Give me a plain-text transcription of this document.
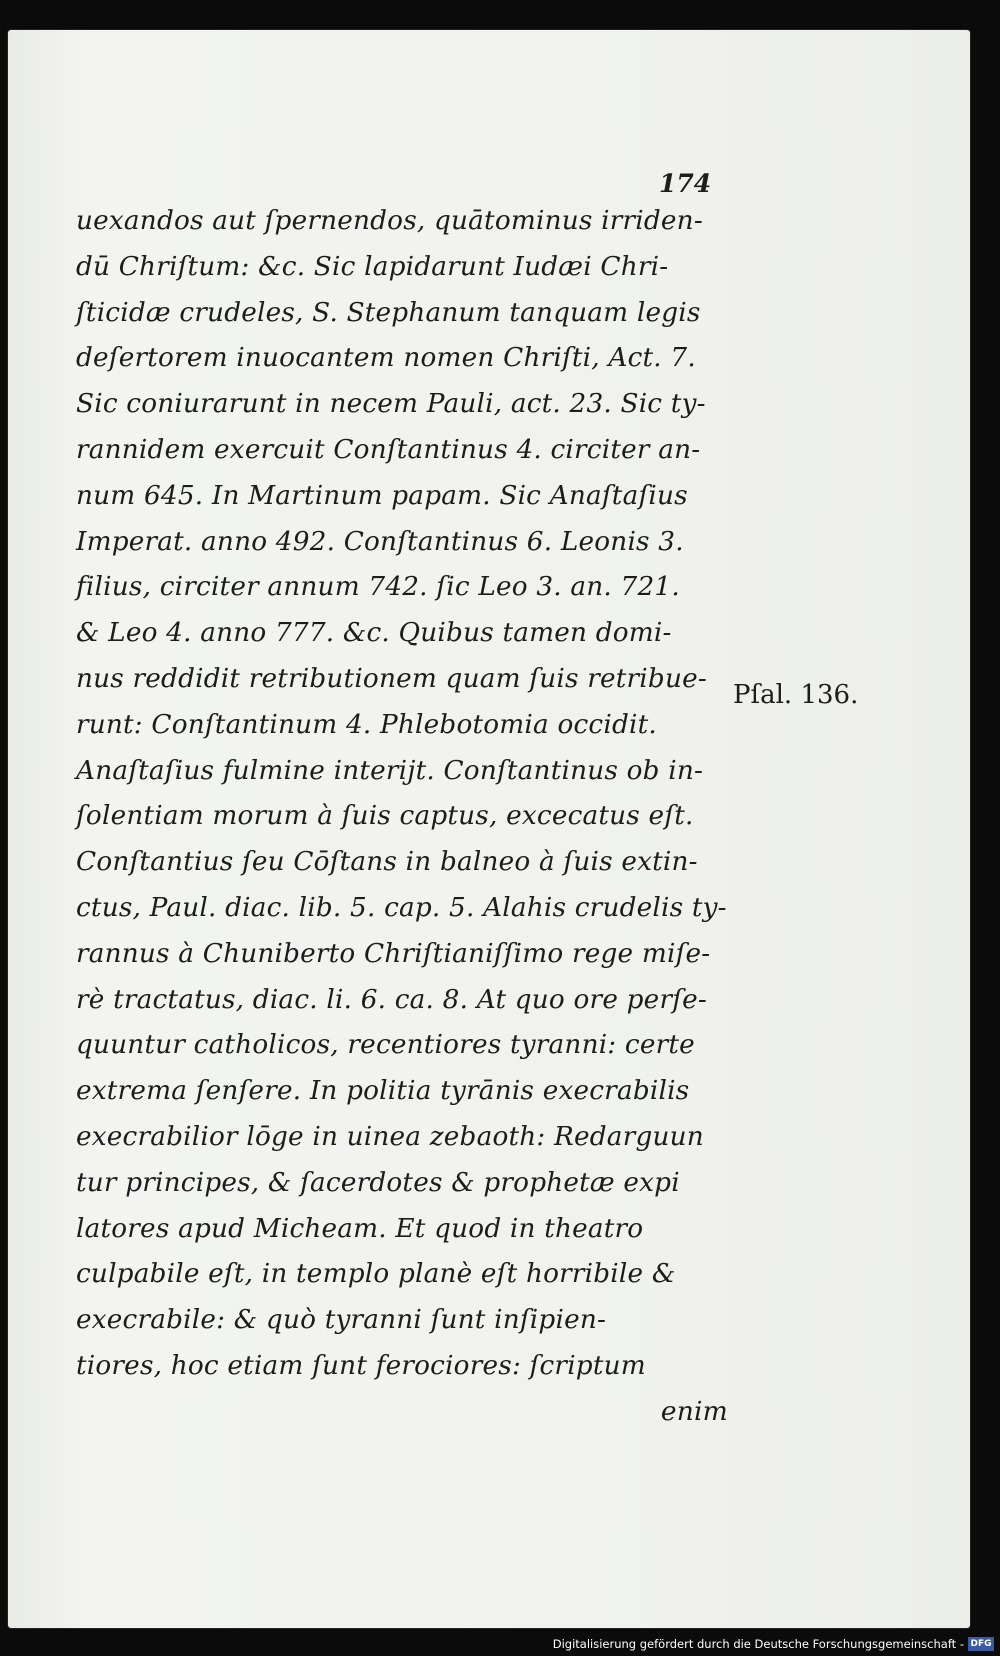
174
uexandos aut ſpernendos, quātominus irriden-
dū Chriſtum: &c. Sic lapidarunt Iudæi Chri-
ſticidæ crudeles, S. Stephanum tanquam legis
deſertorem inuocantem nomen Chriſti, Act. 7.
Sic coniurarunt in necem Pauli, act. 23. Sic ty-
rannidem exercuit Conſtantinus 4. circiter an-
num 645. In Martinum papam. Sic Anaſtaſius
Imperat. anno 492. Conſtantinus 6. Leonis 3.
filius, circiter annum 742. ſic Leo 3. an. 721.
& Leo 4. anno 777. &c. Quibus tamen domi-
nus reddidit retributionem quam ſuis retribue-
runt: Conſtantinum 4. Phlebotomia occidit.
Anaſtaſius fulmine interijt. Conſtantinus ob in-
ſolentiam morum à ſuis captus, excecatus eſt.
Conſtantius ſeu Cōſtans in balneo à ſuis extin-
ctus, Paul. diac. lib. 5. cap. 5. Alahis crudelis ty-
rannus à Chuniberto Chriſtianiſſimo rege miſe-
rè tractatus, diac. li. 6. ca. 8. At quo ore perſe-
quuntur catholicos, recentiores tyranni: certe
extrema ſenſere. In politia tyrānis execrabilis
execrabilior lōge in uinea zebaoth: Redarguun
tur principes, & ſacerdotes & prophetæ expi
latores apud Micheam. Et quod in theatro
culpabile eſt, in templo planè eſt horribile &
execrabile: & quò tyranni ſunt inſipien-
tiores, hoc etiam ſunt ferociores: ſcriptum
enim
Pſal. 136.
Digitalisierung gefördert durch die Deutsche Forschungsgemeinschaft - DFG
